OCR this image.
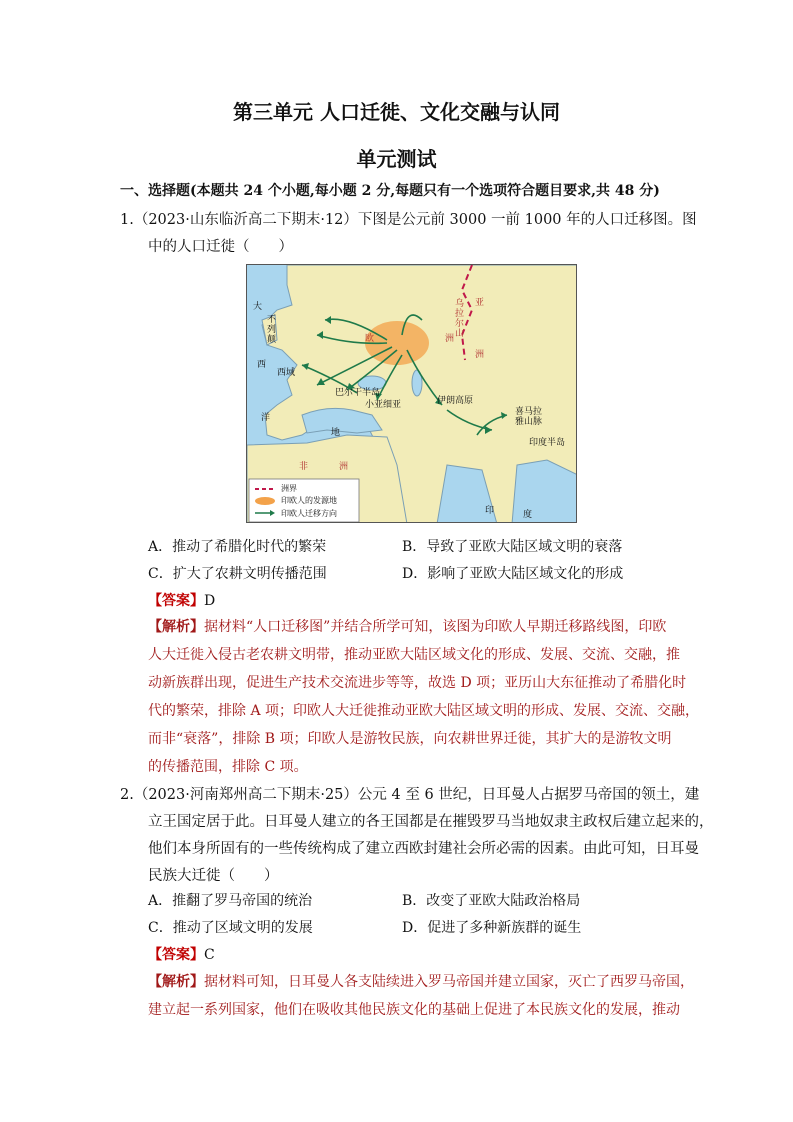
第三单元 人口迁徙、文化交融与认同
单元测试
一、选择题(本题共 24 个小题,每小题 2 分,每题只有一个选项符合题目要求,共 48 分)
1.（2023·山东临沂高二下期末·12）下图是公元前 3000 一前 1000 年的人口迁移图。图
中的人口迁徙（　　）
大
西
洋
不列颠	欧	洲
亚
洲
西域
巴尔干半岛
小亚细亚	伊朗高原
地
非	洲
印度半岛
喜马拉雅山脉
印	度
乌拉尔山
洲界
印欧人的发源地
印欧人迁移方向
A．推动了希腊化时代的繁荣	B．导致了亚欧大陆区域文明的衰落
C．扩大了农耕文明传播范围	D．影响了亚欧大陆区域文化的形成
【答案】D
【解析】据材料“人口迁移图”并结合所学可知，该图为印欧人早期迁移路线图，印欧
人大迁徙入侵古老农耕文明带，推动亚欧大陆区域文化的形成、发展、交流、交融，推
动新族群出现，促进生产技术交流进步等等，故选 D 项；亚历山大东征推动了希腊化时
代的繁荣，排除 A 项；印欧人大迁徙推动亚欧大陆区域文明的形成、发展、交流、交融，
而非“衰落”，排除 B 项；印欧人是游牧民族，向农耕世界迁徙，其扩大的是游牧文明
的传播范围，排除 C 项。
2.（2023·河南郑州高二下期末·25）公元 4 至 6 世纪，日耳曼人占据罗马帝国的领土，建
立王国定居于此。日耳曼人建立的各王国都是在摧毁罗马当地奴隶主政权后建立起来的，
他们本身所固有的一些传统构成了建立西欧封建社会所必需的因素。由此可知，日耳曼
民族大迁徙（　　）
A．推翻了罗马帝国的统治	B．改变了亚欧大陆政治格局
C．推动了区域文明的发展	D．促进了多种新族群的诞生
【答案】C
【解析】据材料可知，日耳曼人各支陆续进入罗马帝国并建立国家，灭亡了西罗马帝国，
建立起一系列国家，他们在吸收其他民族文化的基础上促进了本民族文化的发展，推动
